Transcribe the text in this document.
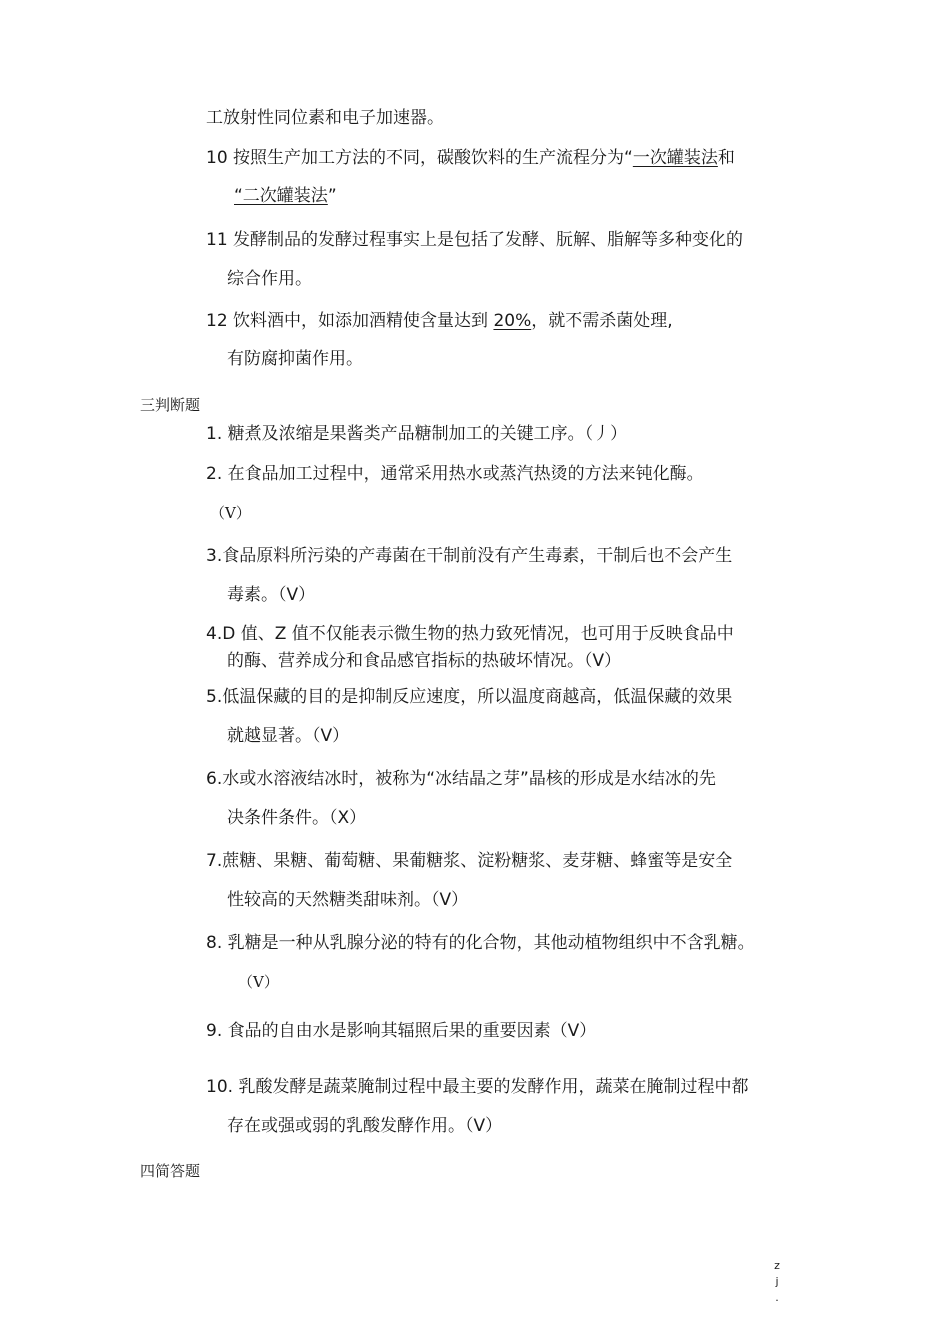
工放射性同位素和电子加速器。
10 按照生产加工方法的不同，碳酸饮料的生产流程分为“一次罐装法和
“二次罐装法”
11 发酵制品的发酵过程事实上是包括了发酵、朊解、脂解等多种变化的
综合作用。
12 饮料酒中，如添加酒精使含量达到 20%，就不需杀菌处理,
有防腐抑菌作用。
三判断题
1. 糖煮及浓缩是果酱类产品糖制加工的关键工序。（丿）
2. 在食品加工过程中，通常采用热水或蒸汽热烫的方法来钝化酶。
（V）
3.食品原料所污染的产毒菌在干制前没有产生毒素，干制后也不会产生
毒素。（V）
4.D 值、Z 值不仅能表示微生物的热力致死情况，也可用于反映食品中
的酶、营养成分和食品感官指标的热破坏情况。（V）
5.低温保藏的目的是抑制反应速度，所以温度商越高，低温保藏的效果
就越显著。（V）
6.水或水溶液结冰时，被称为“冰结晶之芽”晶核的形成是水结冰的先
决条件条件。（X）
7.蔗糖、果糖、葡萄糖、果葡糖浆、淀粉糖浆、麦芽糖、蜂蜜等是安全
性较高的天然糖类甜味剂。（V）
8. 乳糖是一种从乳腺分泌的特有的化合物，其他动植物组织中不含乳糖。
（V）
9. 食品的自由水是影响其辐照后果的重要因素（V）
10. 乳酸发酵是蔬菜腌制过程中最主要的发酵作用，蔬菜在腌制过程中都
存在或强或弱的乳酸发酵作用。（V）
四简答题
z
j
.
